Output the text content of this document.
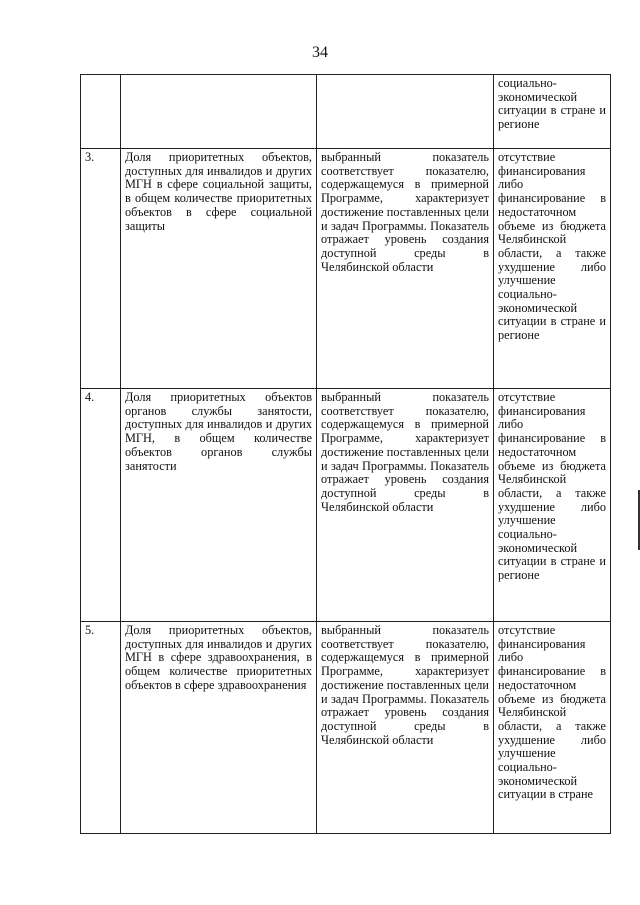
34

			социально-экономической ситуации в стране и регионе

3.	Доля приоритетных объектов, доступных для инвалидов и других МГН в сфере социальной защиты, в общем количестве приоритетных объектов в сфере социальной защиты	выбранный показатель соответствует показателю, содержащемуся в примерной Программе, характеризует достижение поставленных цели и задач Программы. Показатель отражает уровень создания доступной среды в Челябинской области	отсутствие финансирования либо финансирование в недостаточном объеме из бюджета Челябинской области, а также ухудшение либо улучшение социально-экономической ситуации в стране и регионе

4.	Доля приоритетных объектов органов службы занятости, доступных для инвалидов и других МГН, в общем количестве объектов органов службы занятости	выбранный показатель соответствует показателю, содержащемуся в примерной Программе, характеризует достижение поставленных цели и задач Программы. Показатель отражает уровень создания доступной среды в Челябинской области	отсутствие финансирования либо финансирование в недостаточном объеме из бюджета Челябинской области, а также ухудшение либо улучшение социально-экономической ситуации в стране и регионе

5.	Доля приоритетных объектов, доступных для инвалидов и других МГН в сфере здравоохранения, в общем количестве приоритетных объектов в сфере здравоохранения	выбранный показатель соответствует показателю, содержащемуся в примерной Программе, характеризует достижение поставленных цели и задач Программы. Показатель отражает уровень создания доступной среды в Челябинской области	отсутствие финансирования либо финансирование в недостаточном объеме из бюджета Челябинской области, а также ухудшение либо улучшение социально-экономической ситуации в стране
